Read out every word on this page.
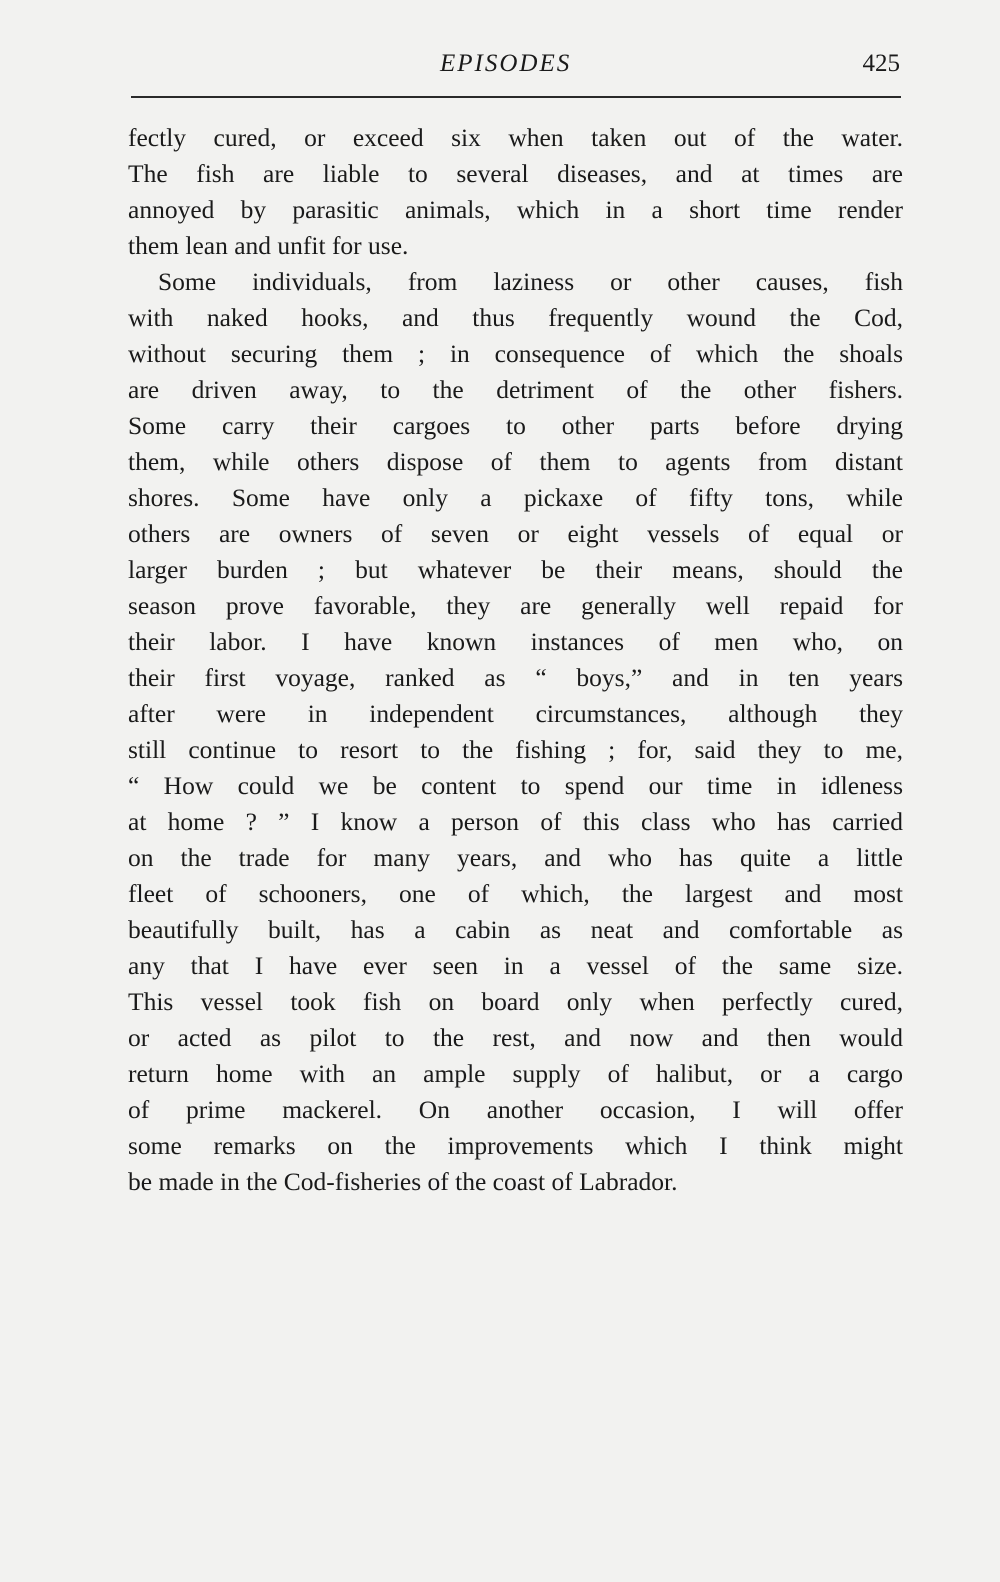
EPISODES	425
fectly cured, or exceed six when taken out of the water.
The fish are liable to several diseases, and at times are
annoyed by parasitic animals, which in a short time render
them lean and unfit for use.
Some individuals, from laziness or other causes, fish
with naked hooks, and thus frequently wound the Cod,
without securing them ; in consequence of which the shoals
are driven away, to the detriment of the other fishers.
Some carry their cargoes to other parts before drying
them, while others dispose of them to agents from distant
shores. Some have only a pickaxe of fifty tons, while
others are owners of seven or eight vessels of equal or
larger burden ; but whatever be their means, should the
season prove favorable, they are generally well repaid for
their labor. I have known instances of men who, on
their first voyage, ranked as “ boys,” and in ten years
after were in independent circumstances, although they
still continue to resort to the fishing ; for, said they to me,
“ How could we be content to spend our time in idleness
at home ? ” I know a person of this class who has carried
on the trade for many years, and who has quite a little
fleet of schooners, one of which, the largest and most
beautifully built, has a cabin as neat and comfortable as
any that I have ever seen in a vessel of the same size.
This vessel took fish on board only when perfectly cured,
or acted as pilot to the rest, and now and then would
return home with an ample supply of halibut, or a cargo
of prime mackerel. On another occasion, I will offer
some remarks on the improvements which I think might
be made in the Cod-fisheries of the coast of Labrador.
